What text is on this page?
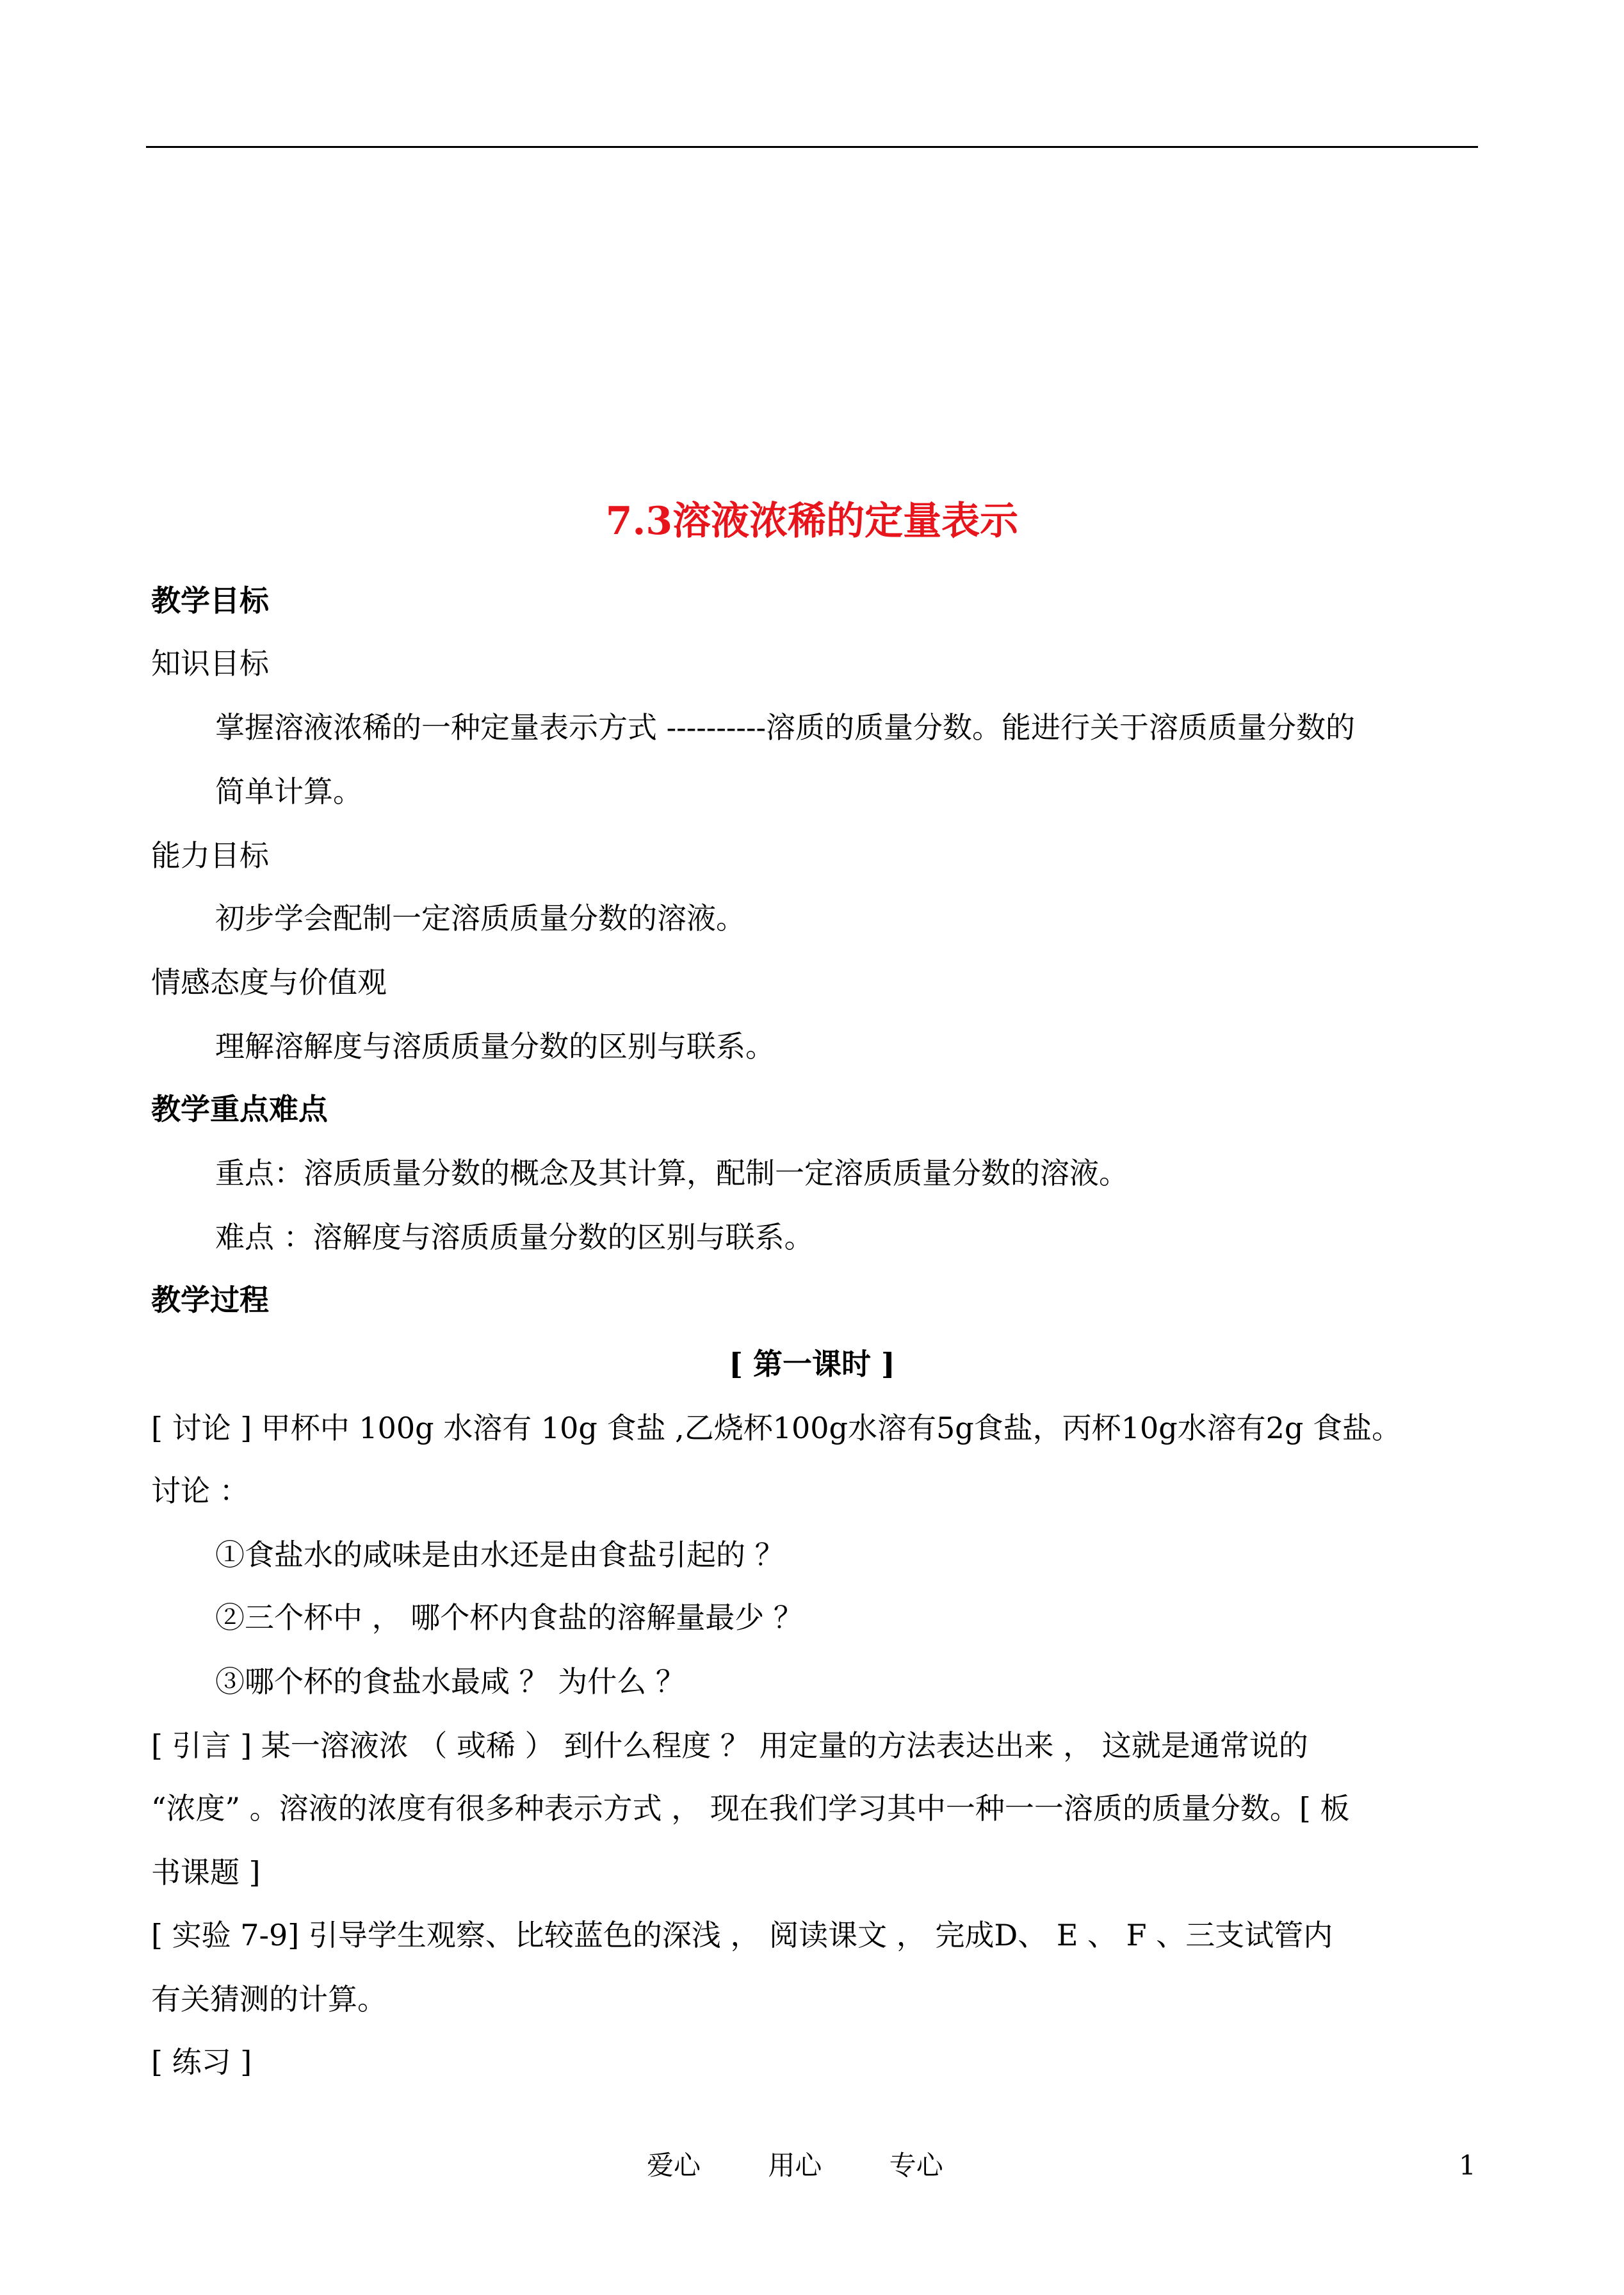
7.3溶液浓稀的定量表示
教学目标
知识目标
掌握溶液浓稀的一种定量表示方式 ----------溶质的质量分数。能进行关于溶质质量分数的
简单计算。
能力目标
初步学会配制一定溶质质量分数的溶液。
情感态度与价值观
理解溶解度与溶质质量分数的区别与联系。
教学重点难点
重点：溶质质量分数的概念及其计算，配制一定溶质质量分数的溶液。
难点 ：溶解度与溶质质量分数的区别与联系。
教学过程
[ 第一课时 ]
[ 讨论 ] 甲杯中 100g 水溶有 10g 食盐 ,乙烧杯100g水溶有5g食盐，丙杯10g水溶有2g 食盐。
讨论 ：
①食盐水的咸味是由水还是由食盐引起的 ？
②三个杯中 ， 哪个杯内食盐的溶解量最少 ？
③哪个杯的食盐水最咸 ？ 为什么 ？
[ 引言 ] 某一溶液浓 （ 或稀 ） 到什么程度 ？ 用定量的方法表达出来 ， 这就是通常说的
“浓度” 。溶液的浓度有很多种表示方式 ， 现在我们学习其中一种一一溶质的质量分数。[ 板
书课题 ]
[ 实验 7-9] 引导学生观察、比较蓝色的深浅 ， 阅读课文 ， 完成D、 E 、 F 、三支试管内
有关猜测的计算。
[ 练习 ]
爱心	用心	专心	1
